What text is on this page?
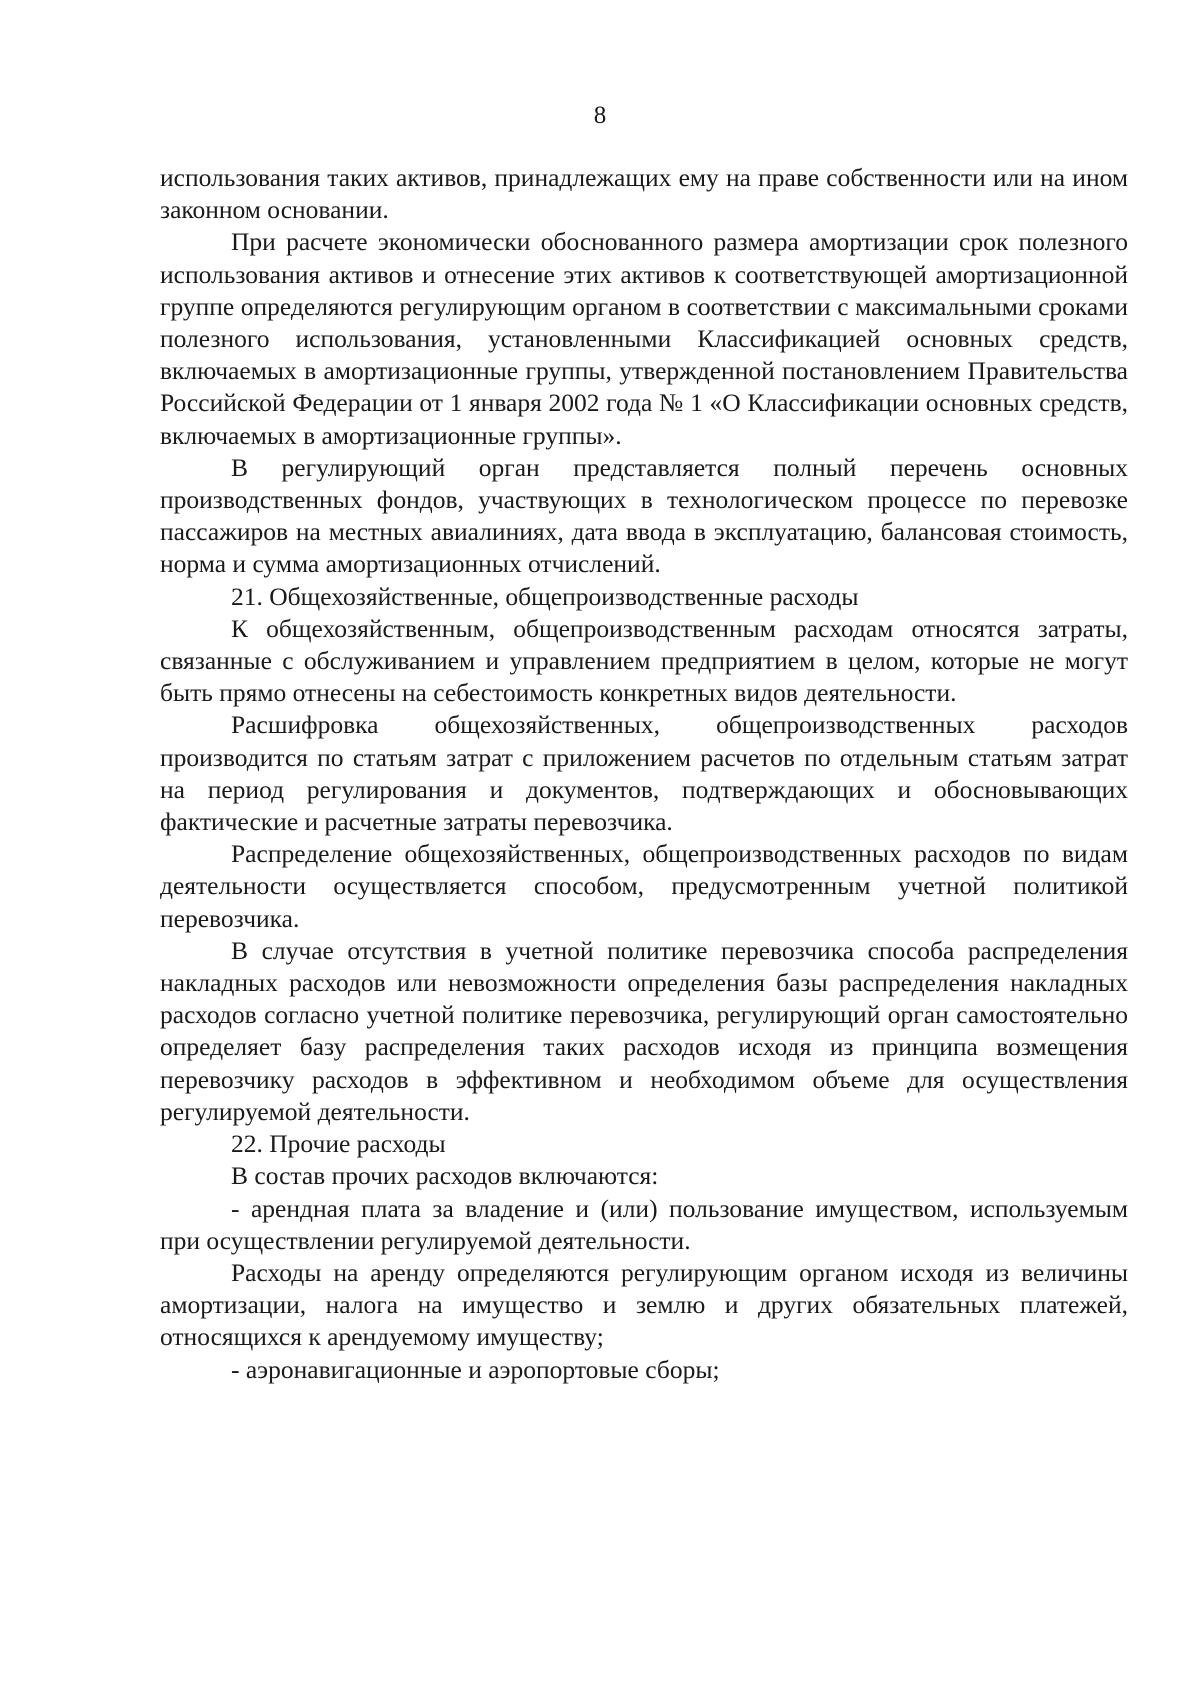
8

использования таких активов, принадлежащих ему на праве собственности или на ином законном основании.

При расчете экономически обоснованного размера амортизации срок полезного использования активов и отнесение этих активов к соответствующей амортизационной группе определяются регулирующим органом в соответствии с максимальными сроками полезного использования, установленными Классификацией основных средств, включаемых в амортизационные группы, утвержденной постановлением Правительства Российской Федерации от 1 января 2002 года № 1 «О Классификации основных средств, включаемых в амортизационные группы».

В регулирующий орган представляется полный перечень основных производственных фондов, участвующих в технологическом процессе по перевозке пассажиров на местных авиалиниях, дата ввода в эксплуатацию, балансовая стоимость, норма и сумма амортизационных отчислений.

21. Общехозяйственные, общепроизводственные расходы

К общехозяйственным, общепроизводственным расходам относятся затраты, связанные с обслуживанием и управлением предприятием в целом, которые не могут быть прямо отнесены на себестоимость конкретных видов деятельности.

Расшифровка общехозяйственных, общепроизводственных расходов производится по статьям затрат с приложением расчетов по отдельным статьям затрат на период регулирования и документов, подтверждающих и обосновывающих фактические и расчетные затраты перевозчика.

Распределение общехозяйственных, общепроизводственных расходов по видам деятельности осуществляется способом, предусмотренным учетной политикой перевозчика.

В случае отсутствия в учетной политике перевозчика способа распределения накладных расходов или невозможности определения базы распределения накладных расходов согласно учетной политике перевозчика, регулирующий орган самостоятельно определяет базу распределения таких расходов исходя из принципа возмещения перевозчику расходов в эффективном и необходимом объеме для осуществления регулируемой деятельности.

22. Прочие расходы

В состав прочих расходов включаются:

- арендная плата за владение и (или) пользование имуществом, используемым при осуществлении регулируемой деятельности.

Расходы на аренду определяются регулирующим органом исходя из величины амортизации, налога на имущество и землю и других обязательных платежей, относящихся к арендуемому имуществу;

- аэронавигационные и аэропортовые сборы;
